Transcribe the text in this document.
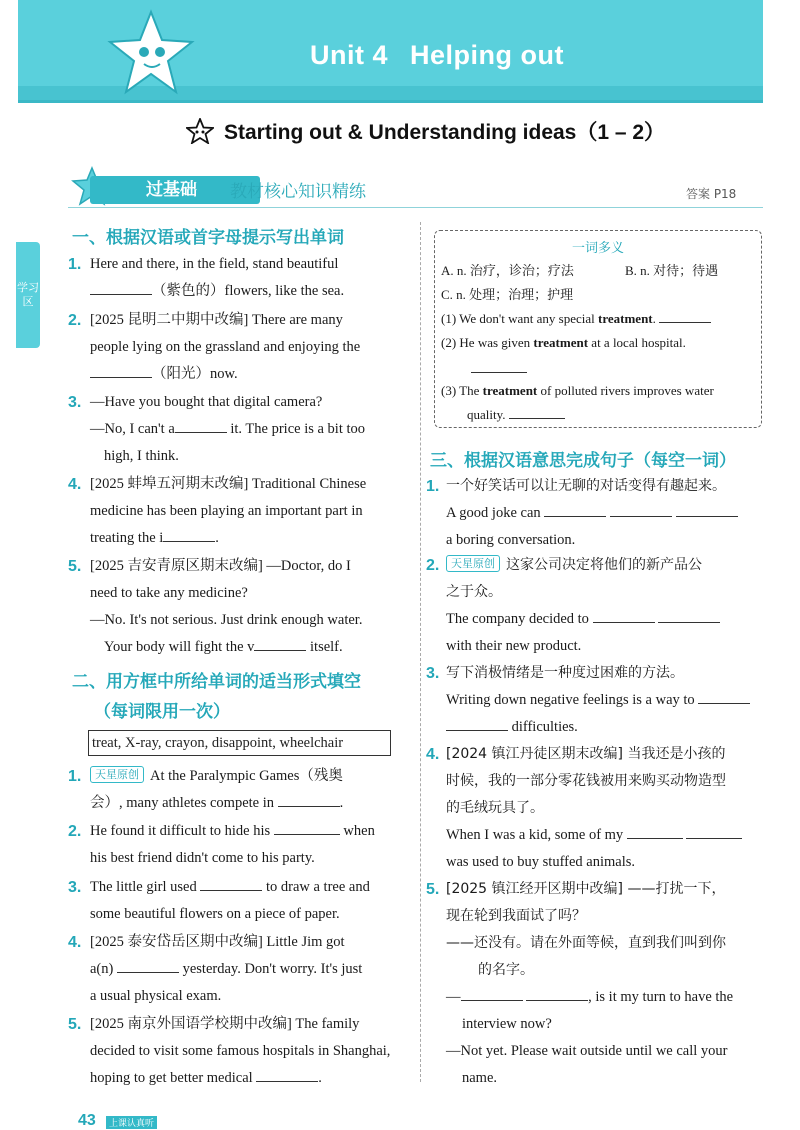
Unit 4 Helping out
Starting out & Understanding ideas（1 – 2）
过基础	教材核心知识精练	答案 P18
学习区
一、根据汉语或首字母提示写出单词
1. Here and there, in the field, stand beautiful
（紫色的）flowers, like the sea.
2. [2025 昆明二中期中改编] There are many
people lying on the grassland and enjoying the
（阳光）now.
3. —Have you bought that digital camera?
—No, I can't a	it. The price is a bit too
high, I think.
4. [2025 蚌埠五河期末改编] Traditional Chinese
medicine has been playing an important part in
treating the i	.
5. [2025 吉安青原区期末改编] —Doctor, do I
need to take any medicine?
—No. It's not serious. Just drink enough water.
Your body will fight the v	itself.
二、用方框中所给单词的适当形式填空
（每词限用一次）
treat, X-ray, crayon, disappoint, wheelchair
1.	天星原创 At the Paralympic Games（残奥
会）, many athletes compete in	.
2. He found it difficult to hide his	when
his best friend didn't come to his party.
3. The little girl used	to draw a tree and
some beautiful flowers on a piece of paper.
4. [2025 泰安岱岳区期中改编] Little Jim got
a(n)	yesterday. Don't worry. It's just
a usual physical exam.
5. [2025 南京外国语学校期中改编] The family
decided to visit some famous hospitals in Shanghai,
hoping to get better medical	.
一词多义
A. n. 治疗，诊治；疗法	B. n. 对待；待遇
C. n. 处理；治理；护理
(1) We don't want any special treatment.
(2) He was given treatment at a local hospital.
(3) The treatment of polluted rivers improves water
quality.
三、根据汉语意思完成句子（每空一词）
1. 一个好笑话可以让无聊的对话变得有趣起来。
A good joke can
a boring conversation.
2.	天星原创 这家公司决定将他们的新产品公
之于众。
The company decided to
with their new product.
3. 写下消极情绪是一种度过困难的方法。
Writing down negative feelings is a way to
difficulties.
4. [2024 镇江丹徒区期末改编] 当我还是小孩的
时候，我的一部分零花钱被用来购买动物造型
的毛绒玩具了。
When I was a kid, some of my
was used to buy stuffed animals.
5. [2025 镇江经开区期中改编] ——打扰一下，
现在轮到我面试了吗？
——还没有。请在外面等候，直到我们叫到你
的名字。
—	, is it my turn to have the
interview now?
—Not yet. Please wait outside until we call your
name.
43	上课认真听
